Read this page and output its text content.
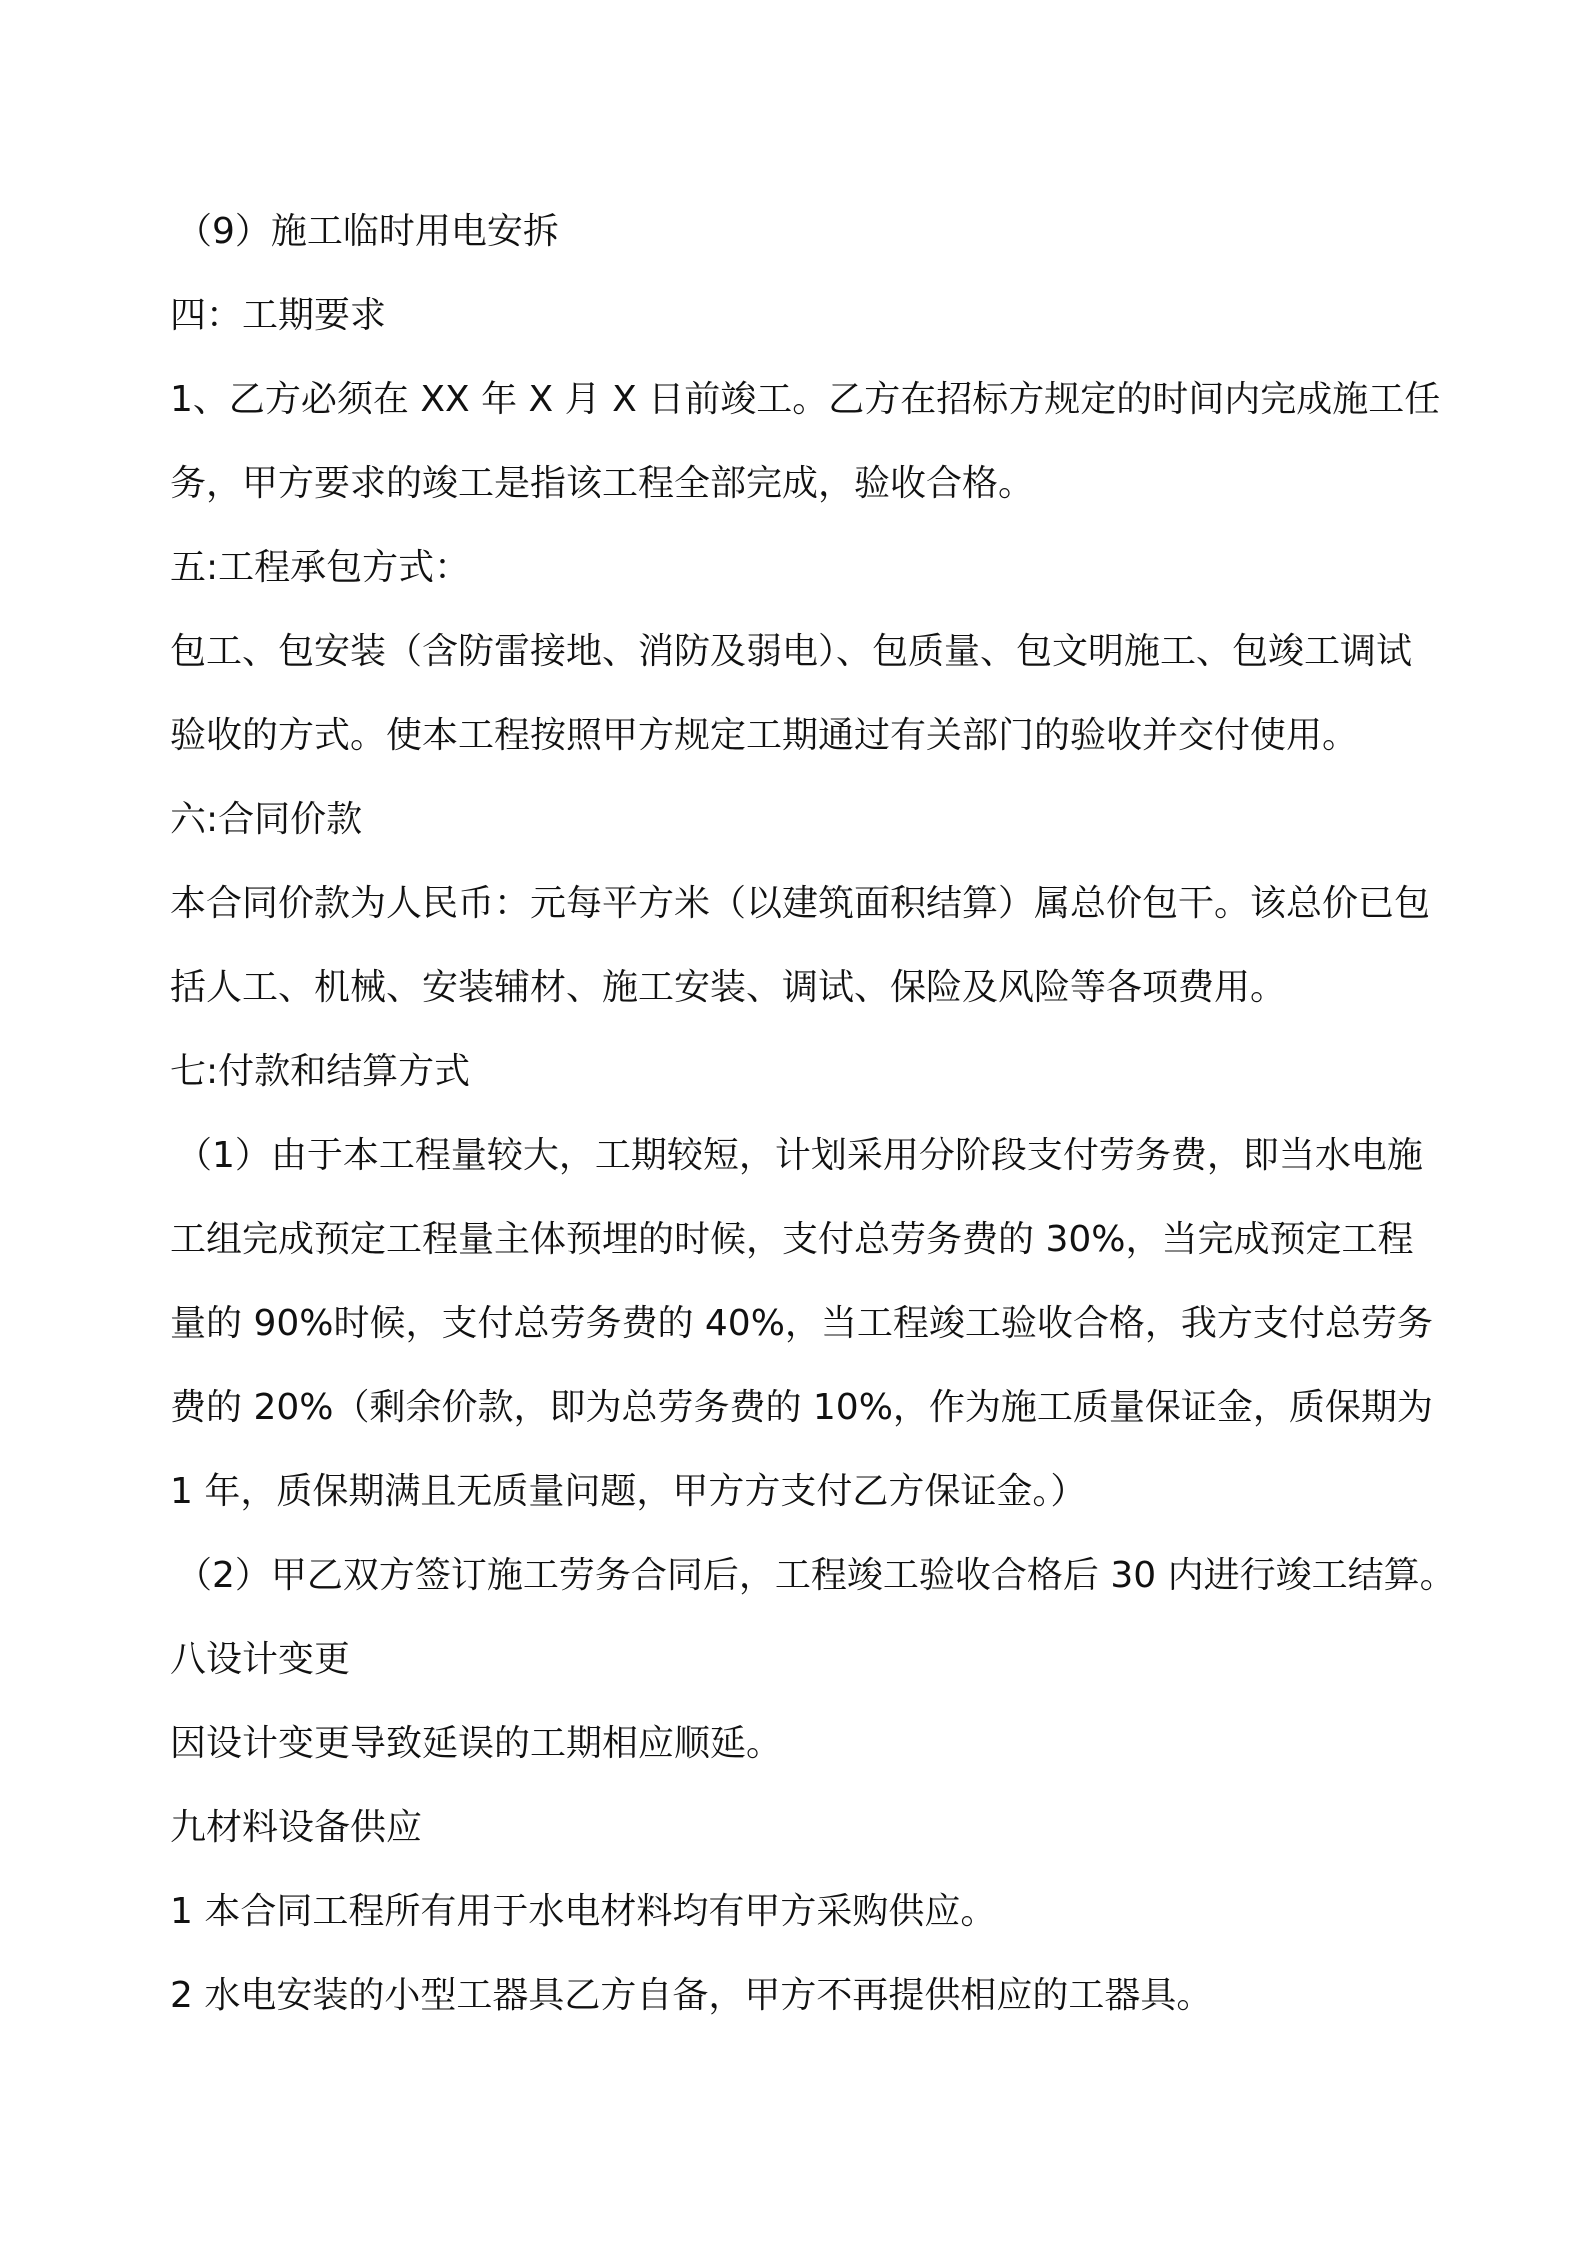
（9）施工临时用电安拆
四：工期要求
1、乙方必须在 XX 年 X 月 X 日前竣工。乙方在招标方规定的时间内完成施工任
务，甲方要求的竣工是指该工程全部完成，验收合格。
五:工程承包方式：
包工、包安装（含防雷接地、消防及弱电）、包质量、包文明施工、包竣工调试
验收的方式。使本工程按照甲方规定工期通过有关部门的验收并交付使用。
六:合同价款
本合同价款为人民币：元每平方米（以建筑面积结算）属总价包干。该总价已包
括人工、机械、安装辅材、施工安装、调试、保险及风险等各项费用。
七:付款和结算方式
（1）由于本工程量较大，工期较短，计划采用分阶段支付劳务费，即当水电施
工组完成预定工程量主体预埋的时候，支付总劳务费的 30%，当完成预定工程
量的 90%时候，支付总劳务费的 40%，当工程竣工验收合格，我方支付总劳务
费的 20%（剩余价款，即为总劳务费的 10%，作为施工质量保证金，质保期为
1 年，质保期满且无质量问题，甲方方支付乙方保证金。）
（2）甲乙双方签订施工劳务合同后，工程竣工验收合格后 30 内进行竣工结算。
八设计变更
因设计变更导致延误的工期相应顺延。
九材料设备供应
1 本合同工程所有用于水电材料均有甲方采购供应。
2 水电安装的小型工器具乙方自备，甲方不再提供相应的工器具。
